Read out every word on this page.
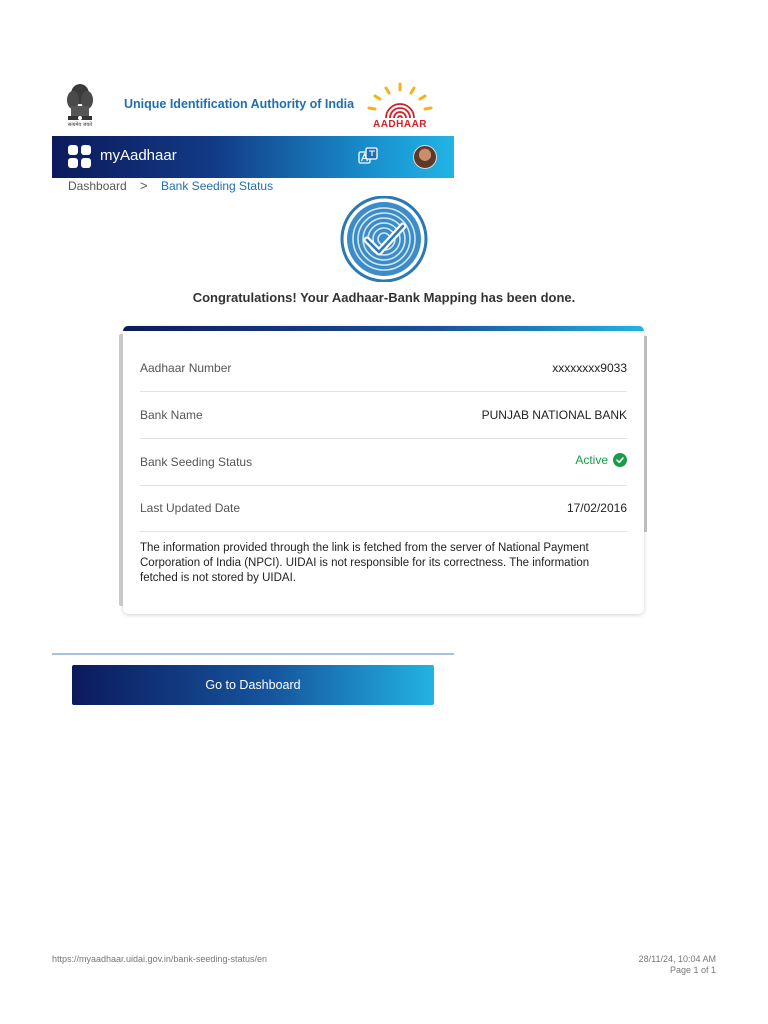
सत्यमेव जयते
Unique Identification Authority of India
AADHAAR
myAadhaar
Dashboard > Bank Seeding Status
Congratulations! Your Aadhaar-Bank Mapping has been done.
Aadhaar Number	xxxxxxxx9033
Bank Name	PUNJAB NATIONAL BANK
Bank Seeding Status	Active
Last Updated Date	17/02/2016
The information provided through the link is fetched from the server of National Payment Corporation of India (NPCI). UIDAI is not responsible for its correctness. The information fetched is not stored by UIDAI.
Go to Dashboard
https://myaadhaar.uidai.gov.in/bank-seeding-status/en	28/11/24, 10:04 AM
Page 1 of 1
